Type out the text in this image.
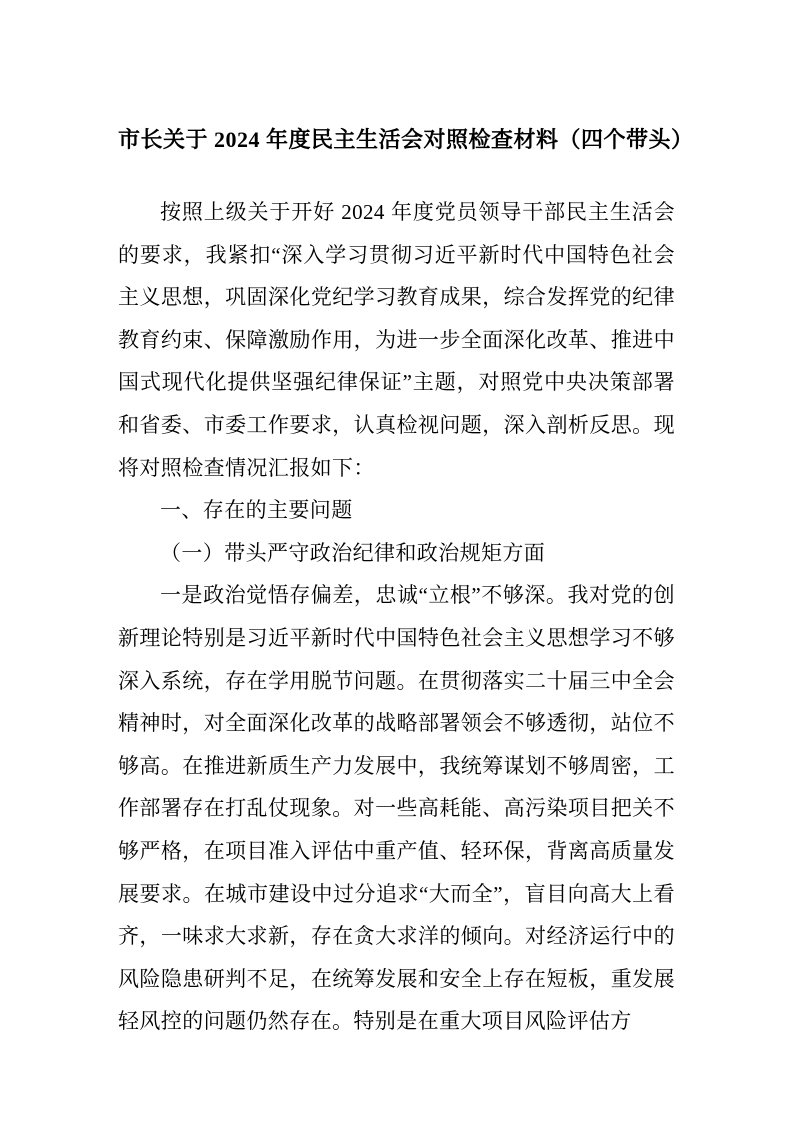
市长关于 2024 年度民主生活会对照检查材料（四个带头）

按照上级关于开好 2024 年度党员领导干部民主生活会的要求，我紧扣“深入学习贯彻习近平新时代中国特色社会主义思想，巩固深化党纪学习教育成果，综合发挥党的纪律教育约束、保障激励作用，为进一步全面深化改革、推进中国式现代化提供坚强纪律保证”主题，对照党中央决策部署和省委、市委工作要求，认真检视问题，深入剖析反思。现将对照检查情况汇报如下：

一、存在的主要问题

（一）带头严守政治纪律和政治规矩方面

一是政治觉悟存偏差，忠诚“立根”不够深。我对党的创新理论特别是习近平新时代中国特色社会主义思想学习不够深入系统，存在学用脱节问题。在贯彻落实二十届三中全会精神时，对全面深化改革的战略部署领会不够透彻，站位不够高。在推进新质生产力发展中，我统筹谋划不够周密，工作部署存在打乱仗现象。对一些高耗能、高污染项目把关不够严格，在项目准入评估中重产值、轻环保，背离高质量发展要求。在城市建设中过分追求“大而全”，盲目向高大上看齐，一味求大求新，存在贪大求洋的倾向。对经济运行中的风险隐患研判不足，在统筹发展和安全上存在短板，重发展轻风控的问题仍然存在。特别是在重大项目风险评估方
